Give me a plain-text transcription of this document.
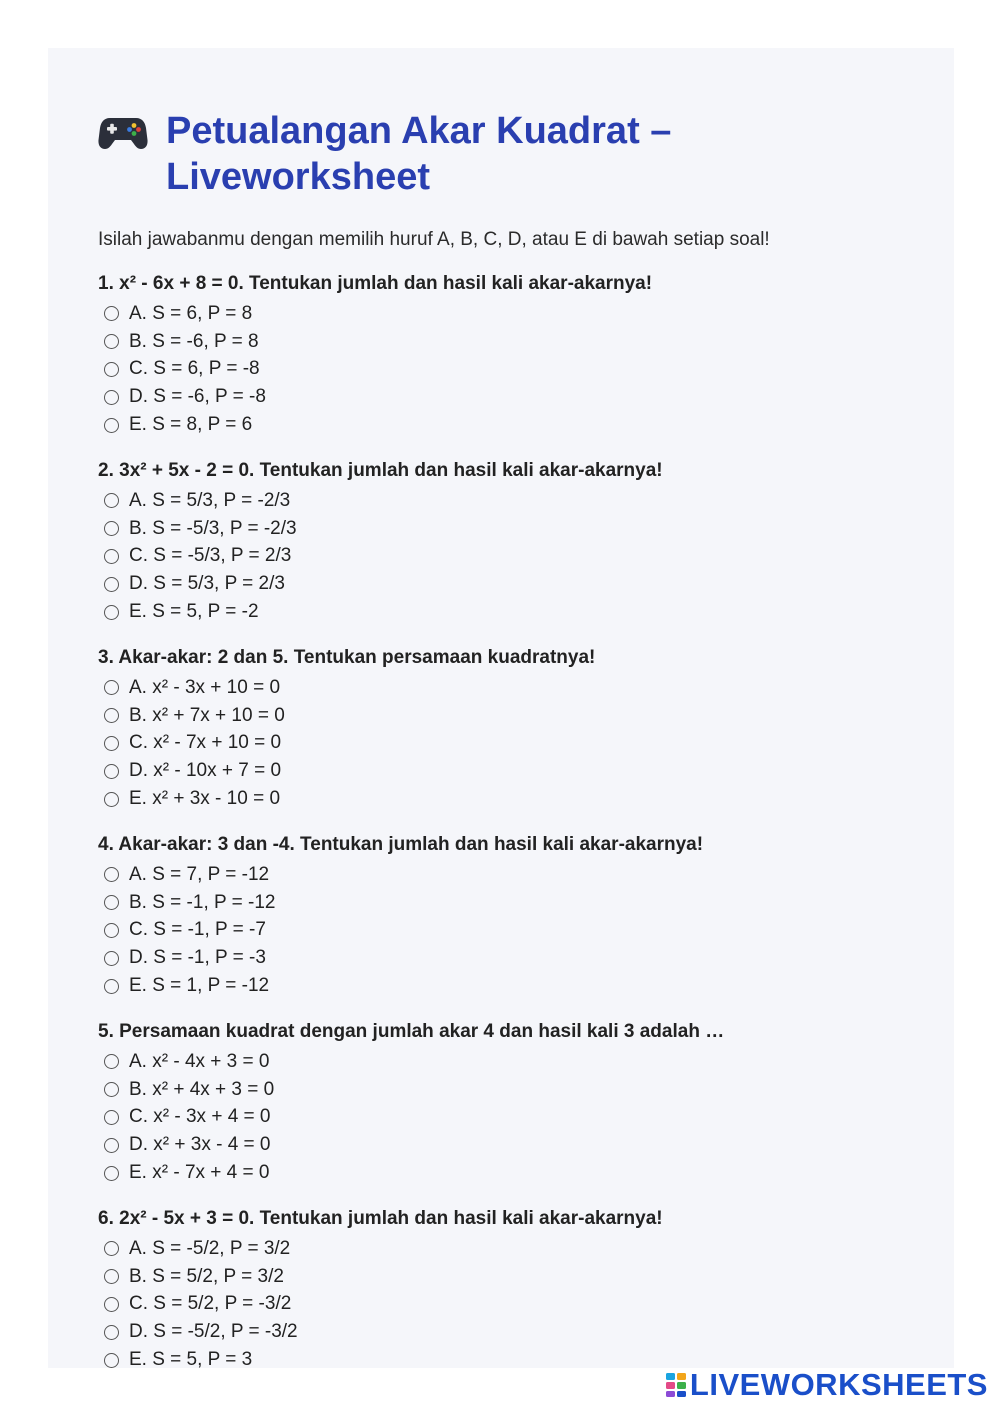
Petualangan Akar Kuadrat – Liveworksheet

Isilah jawabanmu dengan memilih huruf A, B, C, D, atau E di bawah setiap soal!

1. x² - 6x + 8 = 0. Tentukan jumlah dan hasil kali akar-akarnya!

A. S = 6, P = 8
B. S = -6, P = 8
C. S = 6, P = -8
D. S = -6, P = -8
E. S = 8, P = 6

2. 3x² + 5x - 2 = 0. Tentukan jumlah dan hasil kali akar-akarnya!

A. S = 5/3, P = -2/3
B. S = -5/3, P = -2/3
C. S = -5/3, P = 2/3
D. S = 5/3, P = 2/3
E. S = 5, P = -2

3. Akar-akar: 2 dan 5. Tentukan persamaan kuadratnya!

A. x² - 3x + 10 = 0
B. x² + 7x + 10 = 0
C. x² - 7x + 10 = 0
D. x² - 10x + 7 = 0
E. x² + 3x - 10 = 0

4. Akar-akar: 3 dan -4. Tentukan jumlah dan hasil kali akar-akarnya!

A. S = 7, P = -12
B. S = -1, P = -12
C. S = -1, P = -7
D. S = -1, P = -3
E. S = 1, P = -12

5. Persamaan kuadrat dengan jumlah akar 4 dan hasil kali 3 adalah …

A. x² - 4x + 3 = 0
B. x² + 4x + 3 = 0
C. x² - 3x + 4 = 0
D. x² + 3x - 4 = 0
E. x² - 7x + 4 = 0

6. 2x² - 5x + 3 = 0. Tentukan jumlah dan hasil kali akar-akarnya!

A. S = -5/2, P = 3/2
B. S = 5/2, P = 3/2
C. S = 5/2, P = -3/2
D. S = -5/2, P = -3/2
E. S = 5, P = 3
LIVEWORKSHEETS
